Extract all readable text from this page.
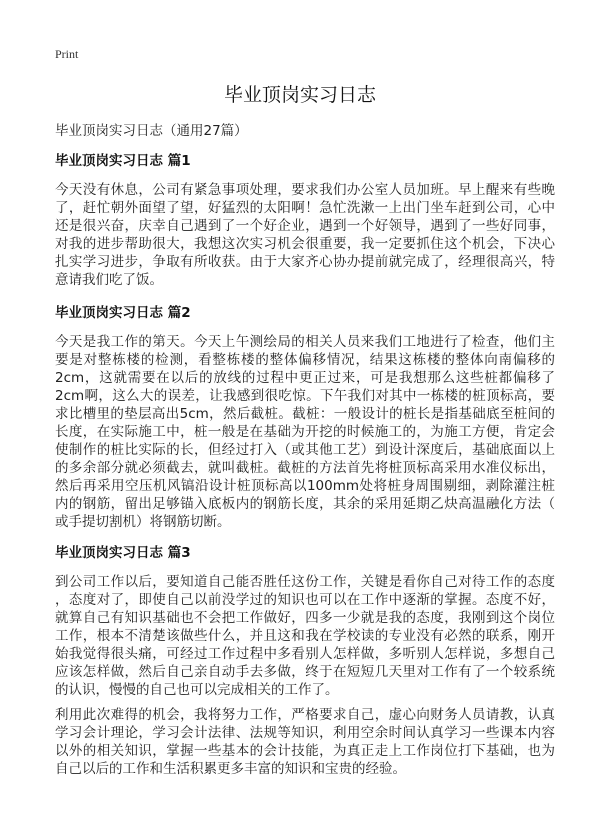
Print
毕业顶岗实习日志
毕业顶岗实习日志（通用27篇）
毕业顶岗实习日志 篇1
今天没有休息，公司有紧急事项处理，要求我们办公室人员加班。早上醒来有些晚
了，赶忙朝外面望了望，好猛烈的太阳啊！急忙洗漱一上出门坐车赶到公司，心中
还是很兴奋，庆幸自己遇到了一个好企业，遇到一个好领导，遇到了一些好同事，
对我的进步帮助很大，我想这次实习机会很重要，我一定要抓住这个机会，下决心
扎实学习进步，争取有所收获。由于大家齐心协办提前就完成了，经理很高兴，特
意请我们吃了饭。
毕业顶岗实习日志 篇2
今天是我工作的第天。今天上午测绘局的相关人员来我们工地进行了检查，他们主
要是对整栋楼的检测，看整栋楼的整体偏移情况，结果这栋楼的整体向南偏移的
2cm，这就需要在以后的放线的过程中更正过来，可是我想那么这些桩都偏移了
2cm啊，这么大的误差，让我感到很吃惊。下午我们对其中一栋楼的桩顶标高，要
求比槽里的垫层高出5cm，然后截桩。截桩：一般设计的桩长是指基础底至桩间的
长度，在实际施工中，桩一般是在基础为开挖的时候施工的，为施工方便，肯定会
使制作的桩比实际的长，但经过打入（或其他工艺）到设计深度后，基础底面以上
的多余部分就必须截去，就叫截桩。截桩的方法首先将桩顶标高采用水准仪标出，
然后再采用空压机风镐沿设计桩顶标高以100mm处将桩身周围剔细，剥除灌注桩
内的钢筋，留出足够锚入底板内的钢筋长度，其余的采用延期乙炔高温融化方法（
或手提切割机）将钢筋切断。
毕业顶岗实习日志 篇3
到公司工作以后，要知道自己能否胜任这份工作，关键是看你自己对待工作的态度
，态度对了，即使自己以前没学过的知识也可以在工作中逐渐的掌握。态度不好，
就算自己有知识基础也不会把工作做好，四多一少就是我的态度，我刚到这个岗位
工作，根本不清楚该做些什么，并且这和我在学校读的专业没有必然的联系，刚开
始我觉得很头痛，可经过工作过程中多看别人怎样做，多听别人怎样说，多想自己
应该怎样做，然后自己亲自动手去多做，终于在短短几天里对工作有了一个较系统
的认识，慢慢的自己也可以完成相关的工作了。
利用此次难得的机会，我将努力工作，严格要求自己，虚心向财务人员请教，认真
学习会计理论，学习会计法律、法规等知识，利用空余时间认真学习一些课本内容
以外的相关知识，掌握一些基本的会计技能，为真正走上工作岗位打下基础，也为
自己以后的工作和生活积累更多丰富的知识和宝贵的经验。
